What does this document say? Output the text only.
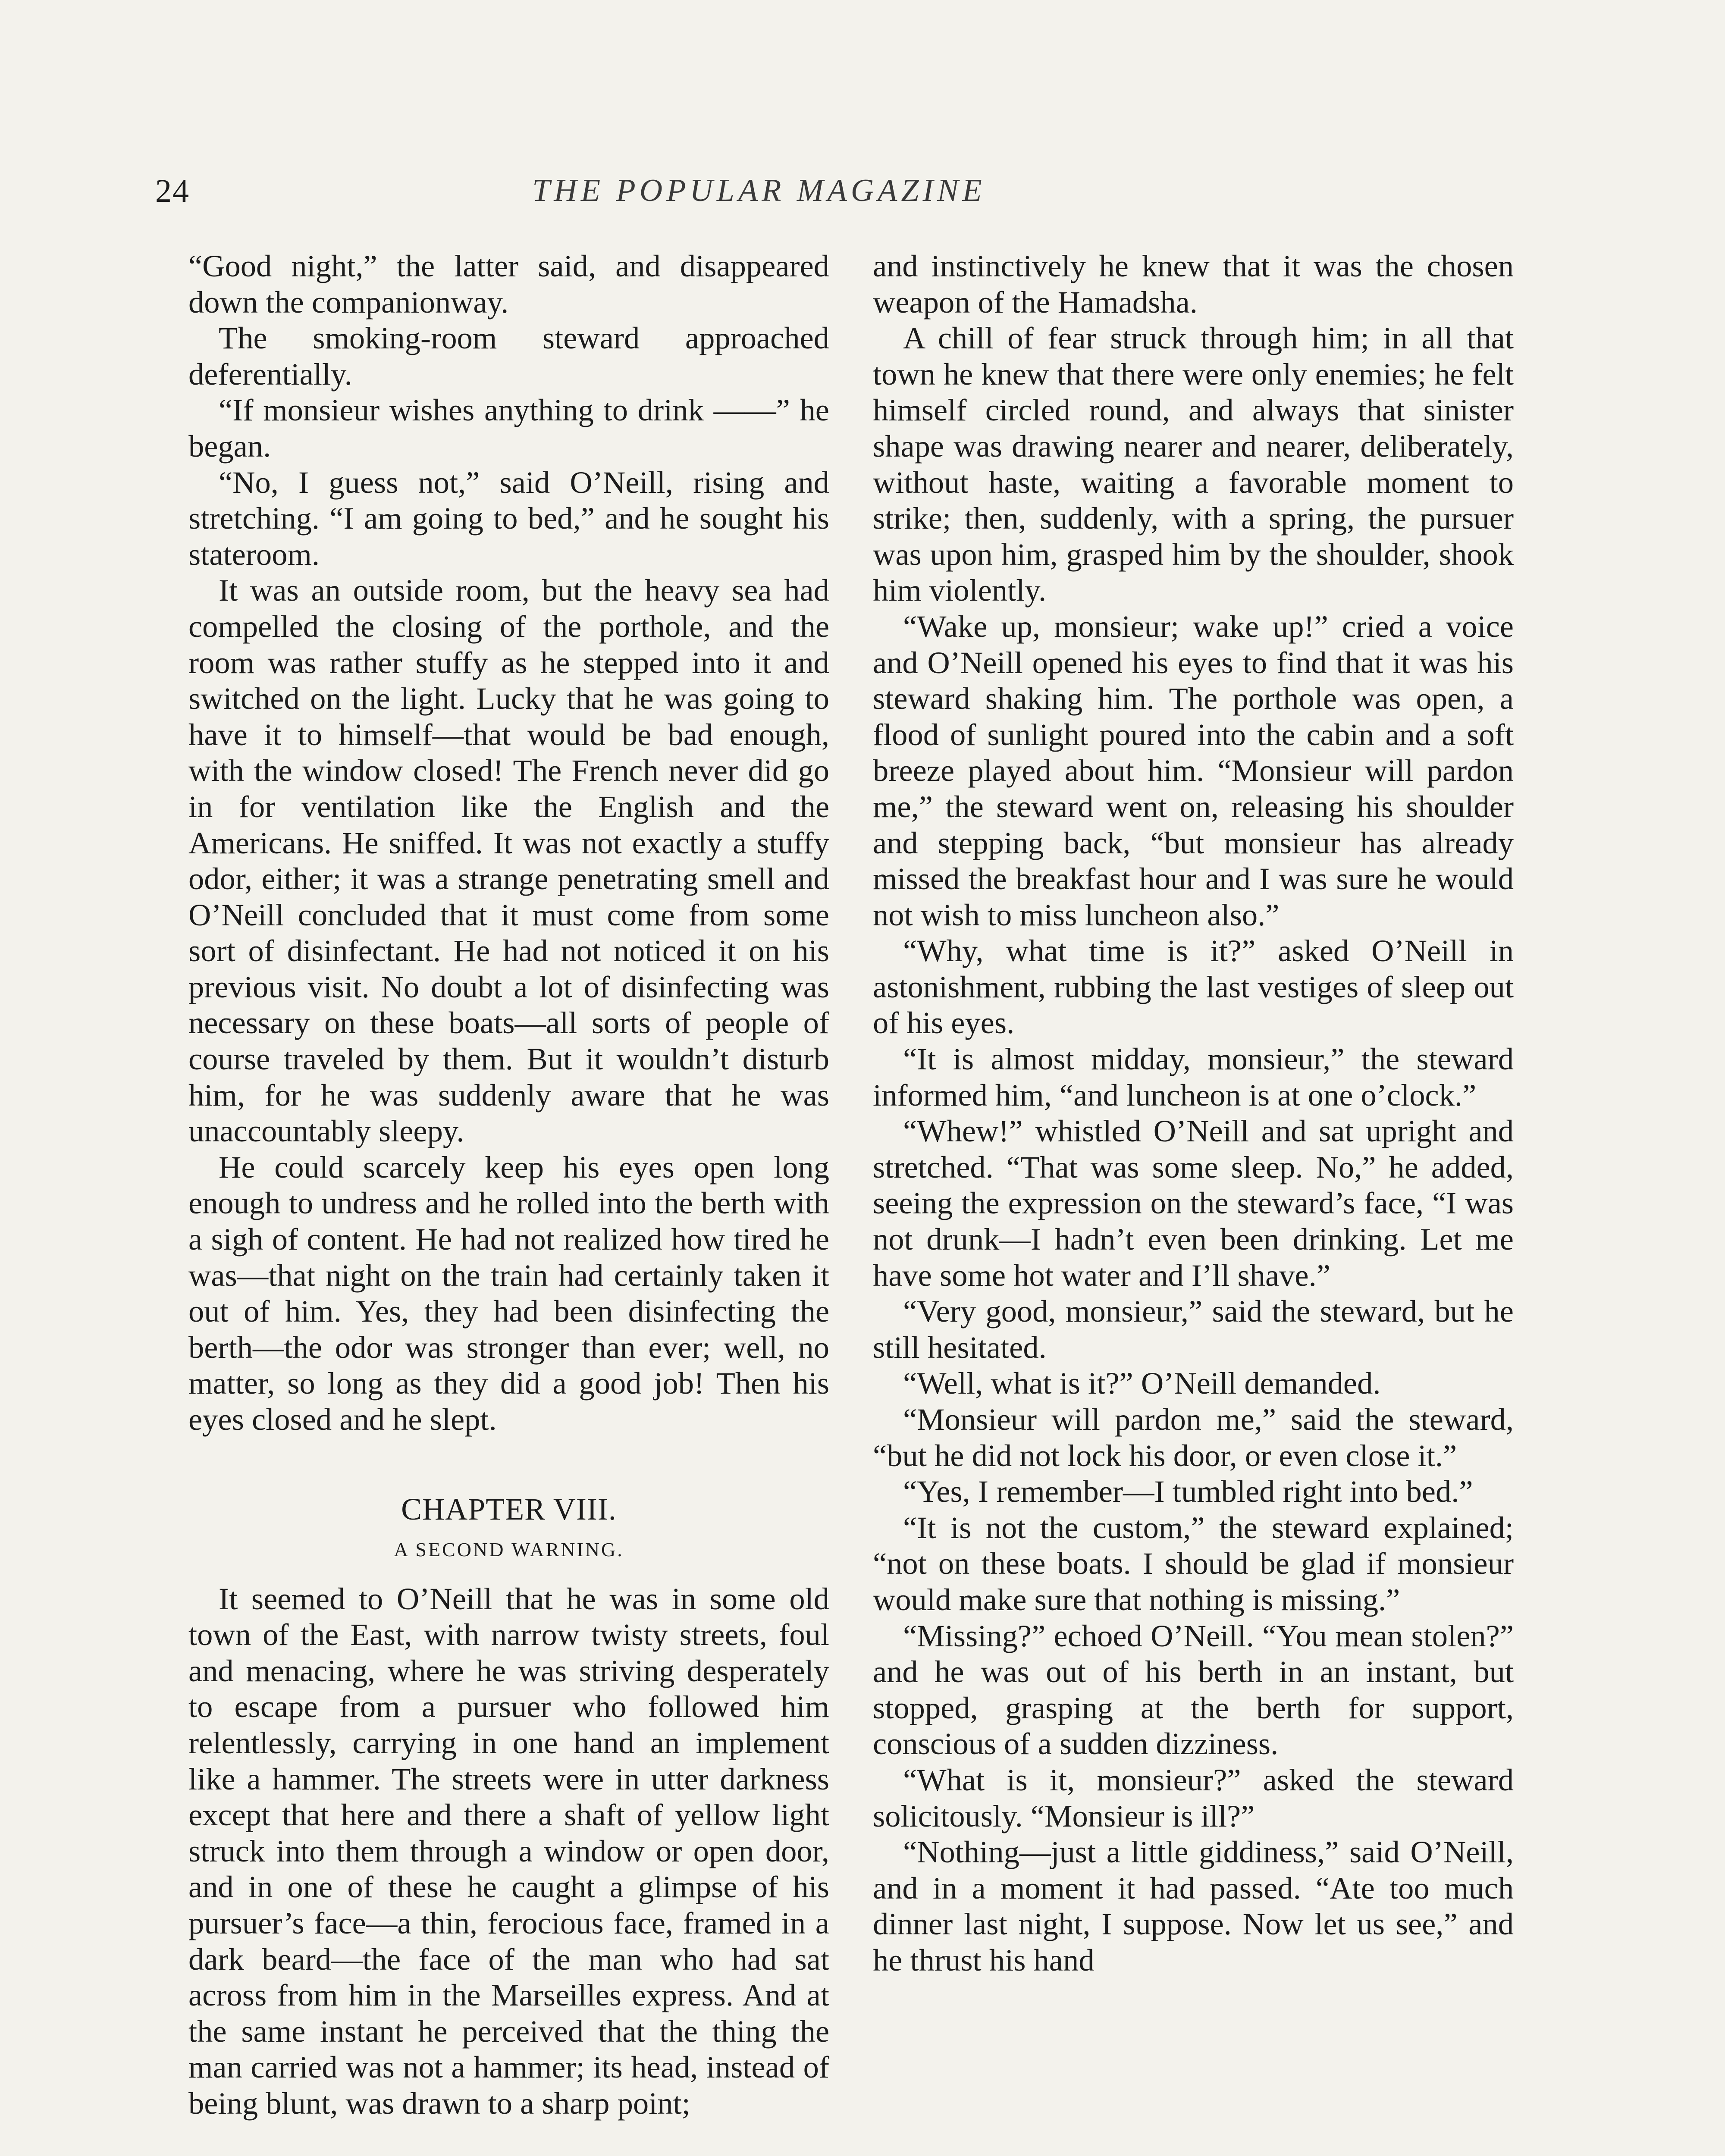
24	THE POPULAR MAGAZINE

“Good night,” the latter said, and disappeared down the companionway.

The smoking-room steward approached deferentially.

“If monsieur wishes anything to drink ——” he began.

“No, I guess not,” said O’Neill, rising and stretching. “I am going to bed,” and he sought his stateroom.

It was an outside room, but the heavy sea had compelled the closing of the porthole, and the room was rather stuffy as he stepped into it and switched on the light. Lucky that he was going to have it to himself—that would be bad enough, with the window closed! The French never did go in for ventilation like the English and the Americans. He sniffed. It was not exactly a stuffy odor, either; it was a strange penetrating smell and O’Neill concluded that it must come from some sort of disinfectant. He had not noticed it on his previous visit. No doubt a lot of disinfecting was necessary on these boats—all sorts of people of course traveled by them. But it wouldn’t disturb him, for he was suddenly aware that he was unaccountably sleepy.

He could scarcely keep his eyes open long enough to undress and he rolled into the berth with a sigh of content. He had not realized how tired he was—that night on the train had certainly taken it out of him. Yes, they had been disinfecting the berth—the odor was stronger than ever; well, no matter, so long as they did a good job! Then his eyes closed and he slept.

CHAPTER VIII.
A SECOND WARNING.

It seemed to O’Neill that he was in some old town of the East, with narrow twisty streets, foul and menacing, where he was striving desperately to escape from a pursuer who followed him relentlessly, carrying in one hand an implement like a hammer. The streets were in utter darkness except that here and there a shaft of yellow light struck into them through a window or open door, and in one of these he caught a glimpse of his pursuer’s face—a thin, ferocious face, framed in a dark beard—the face of the man who had sat across from him in the Marseilles express. And at the same instant he perceived that the thing the man carried was not a hammer; its head, instead of being blunt, was drawn to a sharp point;

and instinctively he knew that it was the chosen weapon of the Hamadsha.

A chill of fear struck through him; in all that town he knew that there were only enemies; he felt himself circled round, and always that sinister shape was drawing nearer and nearer, deliberately, without haste, waiting a favorable moment to strike; then, suddenly, with a spring, the pursuer was upon him, grasped him by the shoulder, shook him violently.

“Wake up, monsieur; wake up!” cried a voice and O’Neill opened his eyes to find that it was his steward shaking him. The porthole was open, a flood of sunlight poured into the cabin and a soft breeze played about him. “Monsieur will pardon me,” the steward went on, releasing his shoulder and stepping back, “but monsieur has already missed the breakfast hour and I was sure he would not wish to miss luncheon also.”

“Why, what time is it?” asked O’Neill in astonishment, rubbing the last vestiges of sleep out of his eyes.

“It is almost midday, monsieur,” the steward informed him, “and luncheon is at one o’clock.”

“Whew!” whistled O’Neill and sat upright and stretched. “That was some sleep. No,” he added, seeing the expression on the steward’s face, “I was not drunk—I hadn’t even been drinking. Let me have some hot water and I’ll shave.”

“Very good, monsieur,” said the steward, but he still hesitated.

“Well, what is it?” O’Neill demanded.

“Monsieur will pardon me,” said the steward, “but he did not lock his door, or even close it.”

“Yes, I remember—I tumbled right into bed.”

“It is not the custom,” the steward explained; “not on these boats. I should be glad if monsieur would make sure that nothing is missing.”

“Missing?” echoed O’Neill. “You mean stolen?” and he was out of his berth in an instant, but stopped, grasping at the berth for support, conscious of a sudden dizziness.

“What is it, monsieur?” asked the steward solicitously. “Monsieur is ill?”

“Nothing—just a little giddiness,” said O’Neill, and in a moment it had passed. “Ate too much dinner last night, I suppose. Now let us see,” and he thrust his hand
